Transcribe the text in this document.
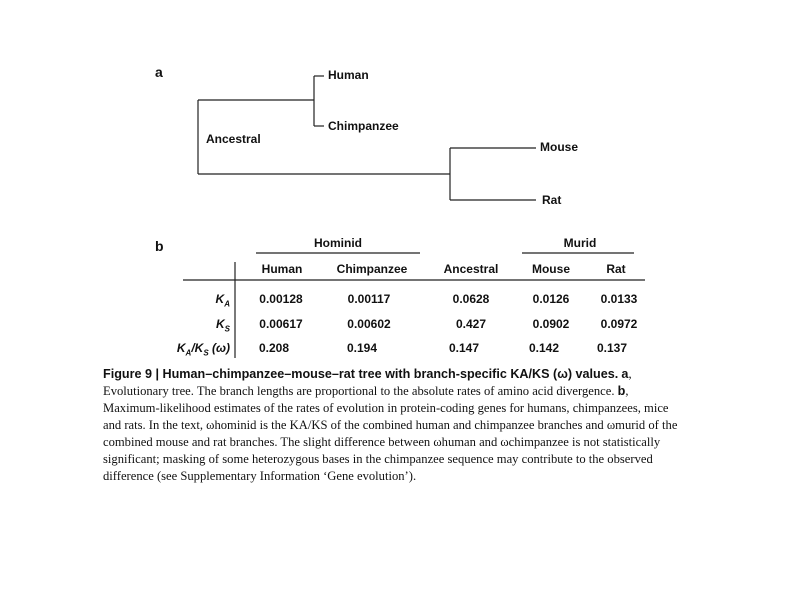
a	Human
Chimpanzee
Ancestral
Mouse
Rat
b	Hominid	Murid
Human	Chimpanzee	Ancestral	Mouse	Rat
$K_A$	0.00128	0.00117	0.0628	0.0126	0.0133
$K_S$	0.00617	0.00602	0.427	0.0902	0.0972
$K_A/K_S$ (ω)	0.208	0.194	0.147	0.142	0.137
Figure 9 | Human–chimpanzee–mouse–rat tree with branch-specific KA/KS (ω) values. a, Evolutionary tree. The branch lengths are proportional to the absolute rates of amino acid divergence. b, Maximum-likelihood estimates of the rates of evolution in protein-coding genes for humans, chimpanzees, mice and rats. In the text, ωhominid is the KA/KS of the combined human and chimpanzee branches and ωmurid of the combined mouse and rat branches. The slight difference between ωhuman and ωchimpanzee is not statistically significant; masking of some heterozygous bases in the chimpanzee sequence may contribute to the observed difference (see Supplementary Information ‘Gene evolution’).
